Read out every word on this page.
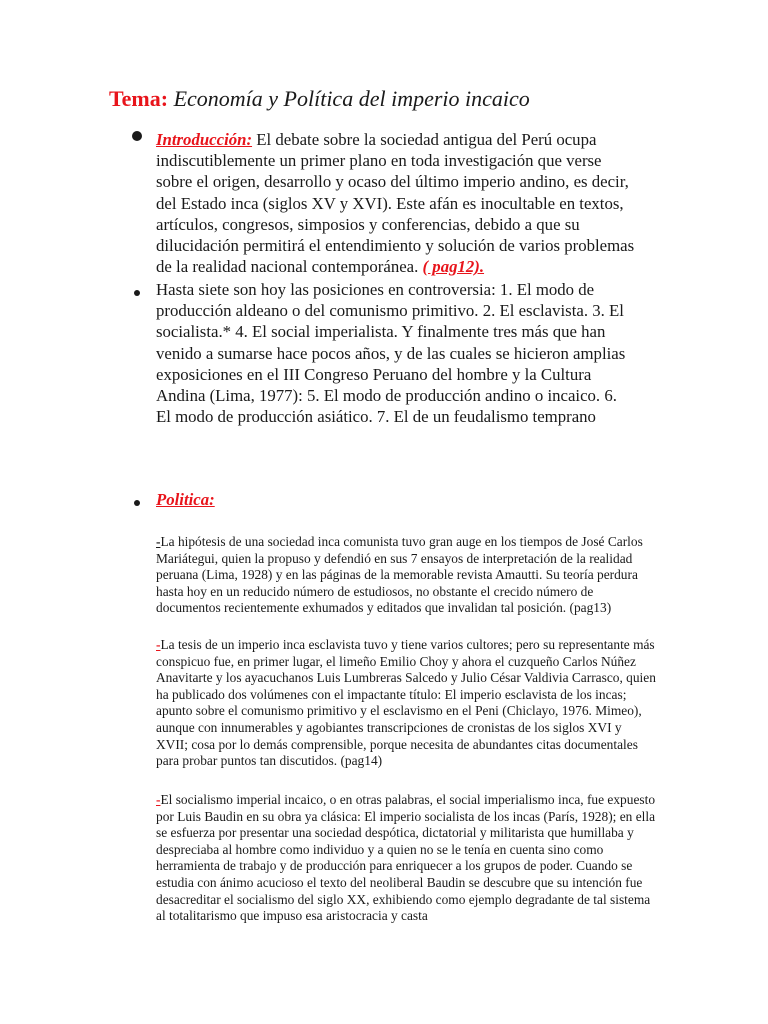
Tema: Economía y Política del imperio incaico
Introducción: El debate sobre la sociedad antigua del Perú ocupa indiscutiblemente un primer plano en toda investigación que verse sobre el origen, desarrollo y ocaso del último imperio andino, es decir, del Estado inca (siglos XV y XVI). Este afán es inocultable en textos, artículos, congresos, simposios y conferencias, debido a que su dilucidación permitirá el entendimiento y solución de varios problemas de la realidad nacional contemporánea. ( pag12).
Hasta siete son hoy las posiciones en controversia: 1. El modo de producción aldeano o del comunismo primitivo. 2. El esclavista. 3. El socialista.* 4. El social imperialista. Y finalmente tres más que han venido a sumarse hace pocos años, y de las cuales se hicieron amplias exposiciones en el III Congreso Peruano del hombre y la Cultura Andina (Lima, 1977): 5. El modo de producción andino o incaico. 6. El modo de producción asiático. 7. El de un feudalismo temprano
Politica:
-La hipótesis de una sociedad inca comunista tuvo gran auge en los tiempos de José Carlos Mariátegui, quien la propuso y defendió en sus 7 ensayos de interpretación de la realidad peruana (Lima, 1928) y en las páginas de la memorable revista Amautti. Su teoría perdura hasta hoy en un reducido número de estudiosos, no obstante el crecido número de documentos recientemente exhumados y editados que invalidan tal posición. (pag13)
-La tesis de un imperio inca esclavista tuvo y tiene varios cultores; pero su representante más conspicuo fue, en primer lugar, el limeño Emilio Choy y ahora el cuzqueño Carlos Núñez Anavitarte y los ayacuchanos Luis Lumbreras Salcedo y Julio César Valdivia Carrasco, quien ha publicado dos volúmenes con el impactante título: El imperio esclavista de los incas; apunto sobre el comunismo primitivo y el esclavismo en el Peni (Chiclayo, 1976. Mimeo), aunque con innumerables y agobiantes transcripciones de cronistas de los siglos XVI y XVII; cosa por lo demás comprensible, porque necesita de abundantes citas documentales para probar puntos tan discutidos. (pag14)
-El socialismo imperial incaico, o en otras palabras, el social imperialismo inca, fue expuesto por Luis Baudin en su obra ya clásica: El imperio socialista de los incas (París, 1928); en ella se esfuerza por presentar una sociedad despótica, dictatorial y militarista que humillaba y despreciaba al hombre como individuo y a quien no se le tenía en cuenta sino como herramienta de trabajo y de producción para enriquecer a los grupos de poder. Cuando se estudia con ánimo acucioso el texto del neoliberal Baudin se descubre que su intención fue desacreditar el socialismo del siglo XX, exhibiendo como ejemplo degradante de tal sistema al totalitarismo que impuso esa aristocracia y casta
